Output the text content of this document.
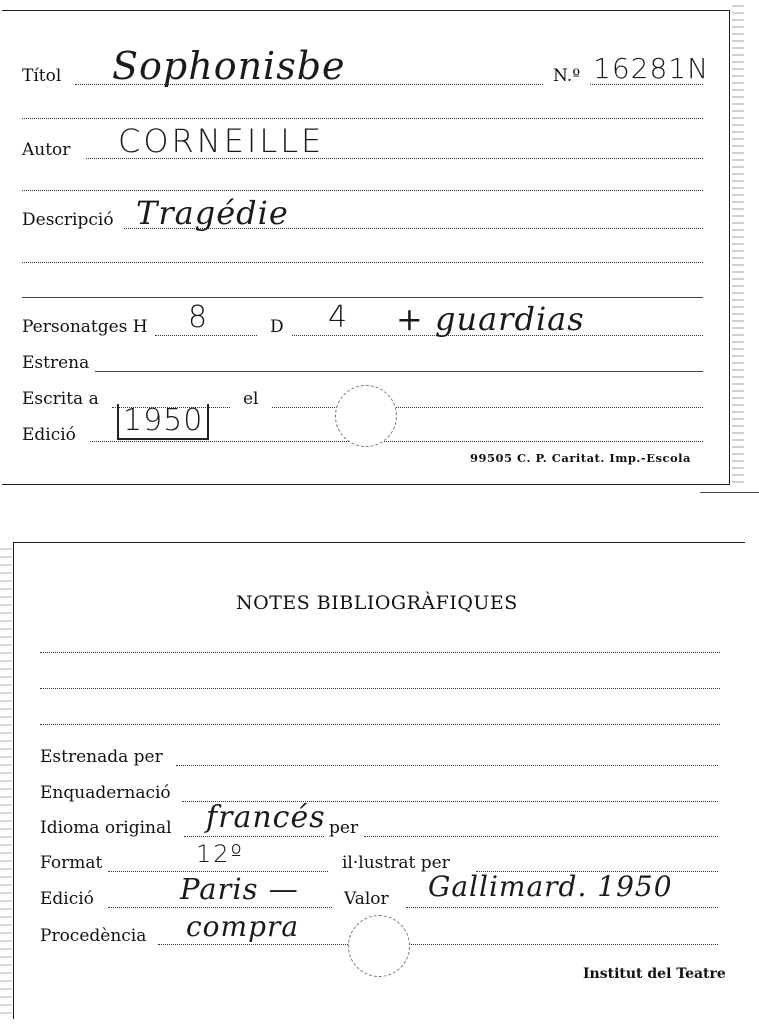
Títol Sophonisbe	N.º 16281N
Autor CORNEILLE
Descripció Tragédie
Personatges H 8	D 4 + guardias
Estrena
Escrita a	el
Edició 1950
99505 C. P. Caritat. Imp.-Escola
NOTES BIBLIOGRÀFIQUES
Estrenada per
Enquadernació
Idioma original francés per
Format	12º	il·lustrat per
Edició	Paris —	Valor Gallimard. 1950
Procedència compra
Institut del Teatre
